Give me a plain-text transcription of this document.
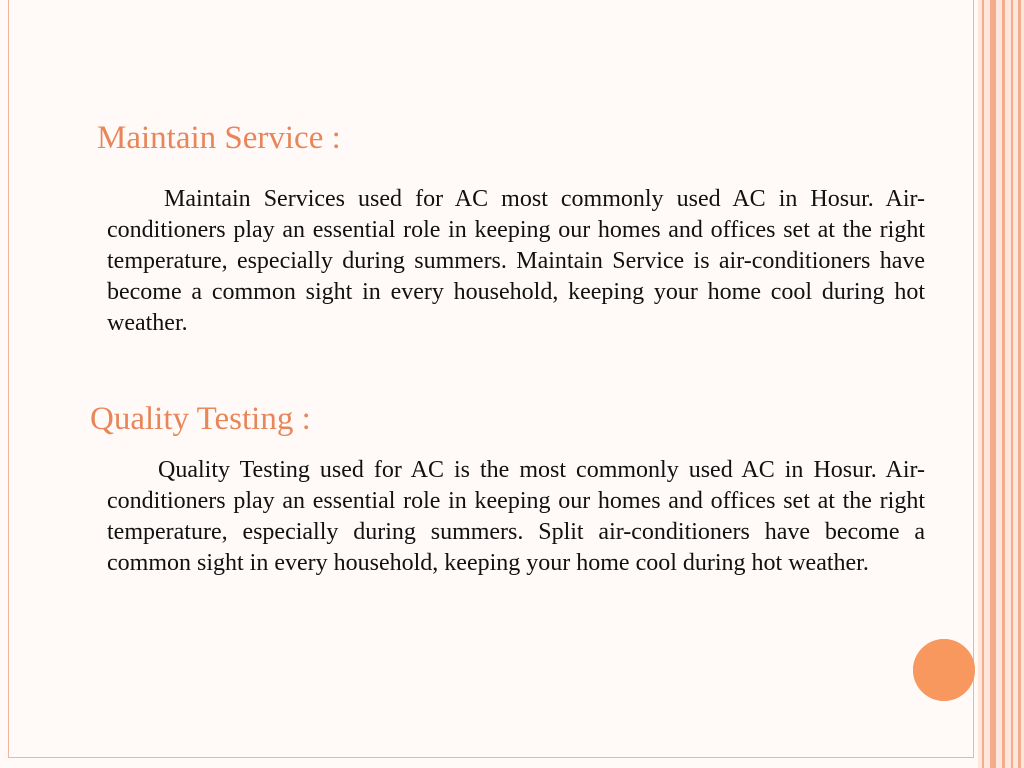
Maintain Service :

Maintain Services used for AC most commonly used AC in Hosur. Air-conditioners play an essential role in keeping our homes and offices set at the right temperature, especially during summers. Maintain Service is air-conditioners have become a common sight in every household, keeping your home cool during hot weather.

Quality Testing :

Quality Testing used for AC is the most commonly used AC in Hosur. Air-conditioners play an essential role in keeping our homes and offices set at the right temperature, especially during summers. Split air-conditioners have become a common sight in every household, keeping your home cool during hot weather.
